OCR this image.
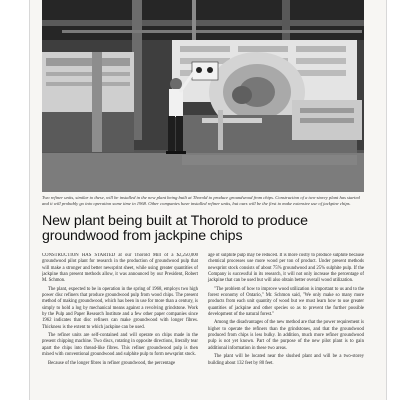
Two refiner units, similar to these, will be installed in the new plant being built at Thorold to produce groundwood from chips. Construction of a two-storey plant has started and it will probably go into operation some time in 1968. Other companies have installed refiner units, but ours will be the first to make extensive use of jackpine chips.

New plant being built at Thorold to produce groundwood from jackpine chips

CONSTRUCTION HAS STARTED at our Thorold Mill of a $2,250,000 groundwood pilot plant for research in the production of groundwood pulp that will make a stronger and better newsprint sheet, while using greater quantities of jackpine than present methods allow, it was announced by our President, Robert M. Schmon.

The plant, expected to be in operation in the spring of 1968, employs two high power disc refiners that produce groundwood pulp from wood chips. The present method of making groundwood, which has been in use for more than a century, is simply to hold a log by mechanical means against a revolving grindstone. Work by the Pulp and Paper Research Institute and a few other paper companies since 1962 indicates that disc refiners can make groundwood with longer fibres. Thickness is the extent to which jackpine can be used.

The refiner units are self-contained and will operate on chips made in the present chipping machine. Two discs, rotating in opposite directions, literally tear apart the chips into thread-like fibres. This refiner groundwood pulp is then mixed with conventional groundwood and sulphite pulp to form newsprint stock.

Because of the longer fibres in refiner groundwood, the percentage

age of sulphite pulp may be reduced. It is more costly to produce sulphite because chemical processes use more wood per ton of product. Under present methods newsprint stock consists of about 75% groundwood and 25% sulphite pulp. If the Company is successful in its research, it will not only increase the percentage of jackpine that can be used but will also obtain better overall wood utilization.

"The problem of how to improve wood utilization is important to us and to the forest economy of Ontario," Mr. Schmon said, "We only make so many more products from each unit quantity of wood but we must learn how to use greater quantities of jackpine and other species so as to prevent the further possible development of the natural forest."

Among the disadvantages of the new method are that the power requirement is higher to operate the refiners than the grindstones, and that the groundwood produced from chips is less bulky. In addition, much more refiner groundwood pulp is not yet known. Part of the purpose of the new pilot plant is to gain additional information in these two areas.

The plant will be located near the slushed plant and will be a two-storey building about 132 feet by 80 feet.
